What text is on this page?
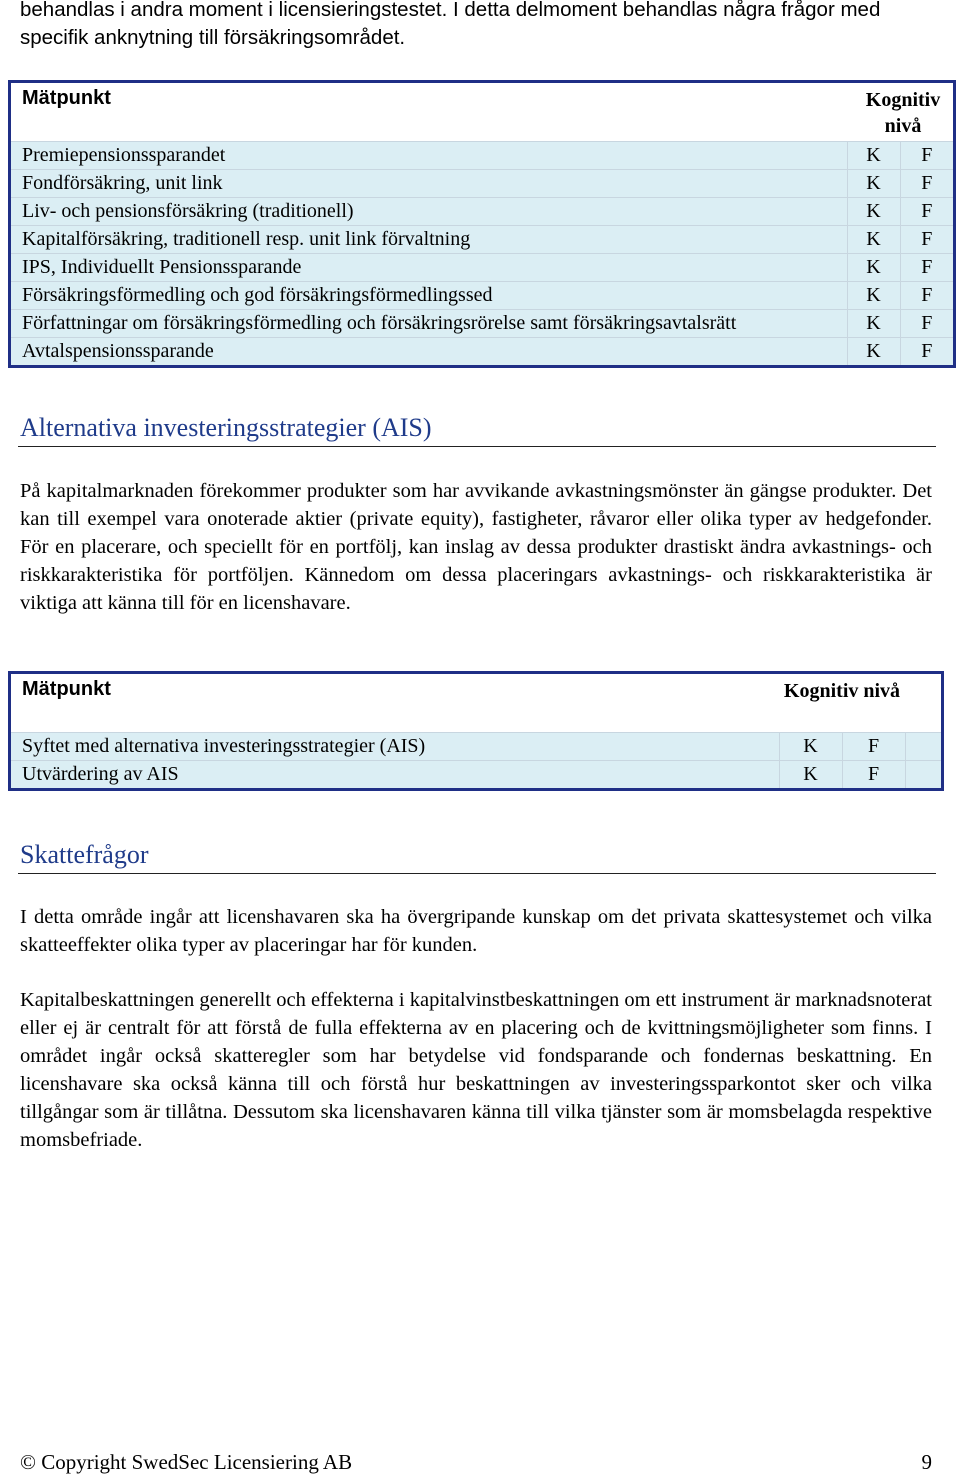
behandlas i andra moment i licensieringstestet. I detta delmoment behandlas några frågor med specifik anknytning till försäkringsområdet.

Mätpunkt	Kognitiv nivå	
Premiepensionssparandet	K	F
Fondförsäkring, unit link	K	F
Liv- och pensionsförsäkring (traditionell)	K	F
Kapitalförsäkring, traditionell resp. unit link förvaltning	K	F
IPS, Individuellt Pensionssparande	K	F
Försäkringsförmedling och god försäkringsförmedlingssed	K	F
Författningar om försäkringsförmedling och försäkringsrörelse samt försäkringsavtalsrätt	K	F
Avtalspensionssparande	K	F
Alternativa investeringsstrategier (AIS)

På kapitalmarknaden förekommer produkter som har avvikande avkastningsmönster än gängse produkter. Det kan till exempel vara onoterade aktier (private equity), fastigheter, råvaror eller olika typer av hedgefonder. För en placerare, och speciellt för en portfölj, kan inslag av dessa produkter drastiskt ändra avkastnings- och riskkarakteristika för portföljen. Kännedom om dessa placeringars avkastnings- och riskkarakteristika är viktiga att känna till för en licenshavare.

Mätpunkt	Kognitiv nivå		
Syftet med alternativa investeringsstrategier (AIS)	K	F	
Utvärdering av AIS	K	F	
Skattefrågor

I detta område ingår att licenshavaren ska ha övergripande kunskap om det privata skattesystemet och vilka skatteeffekter olika typer av placeringar har för kunden.

Kapitalbeskattningen generellt och effekterna i kapitalvinstbeskattningen om ett instrument är marknadsnoterat eller ej är centralt för att förstå de fulla effekterna av en placering och de kvittningsmöjligheter som finns. I området ingår också skatteregler som har betydelse vid fondsparande och fondernas beskattning. En licenshavare ska också känna till och förstå hur beskattningen av investeringssparkontot sker och vilka tillgångar som är tillåtna. Dessutom ska licenshavaren känna till vilka tjänster som är momsbelagda respektive momsbefriade.

© Copyright SwedSec Licensiering AB	9
